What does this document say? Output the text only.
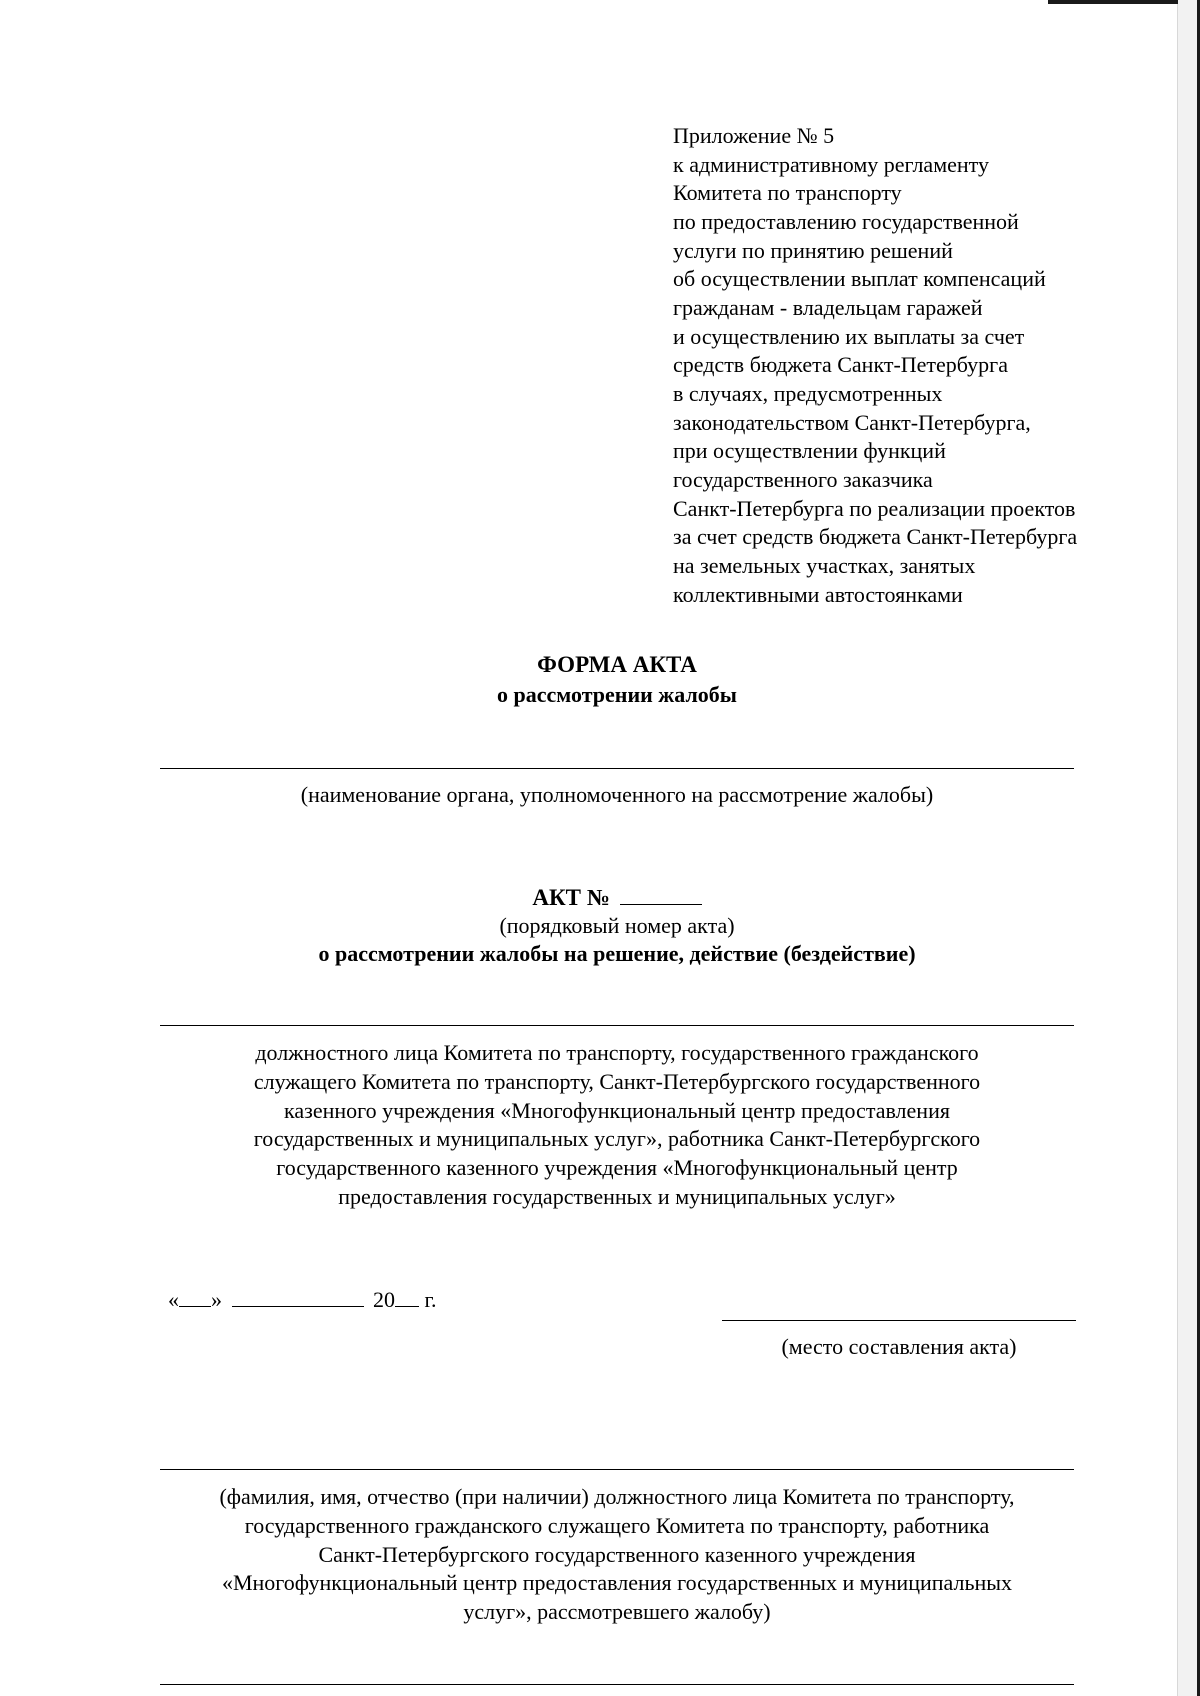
Приложение № 5
к административному регламенту
Комитета по транспорту
по предоставлению государственной
услуги по принятию решений
об осуществлении выплат компенсаций
гражданам - владельцам гаражей
и осуществлению их выплаты за счет
средств бюджета Санкт-Петербурга
в случаях, предусмотренных
законодательством Санкт-Петербурга,
при осуществлении функций
государственного заказчика
Санкт-Петербурга по реализации проектов
за счет средств бюджета Санкт-Петербурга
на земельных участках, занятых
коллективными автостоянками
ФОРМА АКТА
о рассмотрении жалобы
(наименование органа, уполномоченного на рассмотрение жалобы)
АКТ №
(порядковый номер акта)
о рассмотрении жалобы на решение, действие (бездействие)
должностного лица Комитета по транспорту, государственного гражданского
служащего Комитета по транспорту, Санкт-Петербургского государственного
казенного учреждения «Многофункциональный центр предоставления
государственных и муниципальных услуг», работника Санкт-Петербургского
государственного казенного учреждения «Многофункциональный центр
предоставления государственных и муниципальных услуг»
« »	20 г.
(место составления акта)
(фамилия, имя, отчество (при наличии) должностного лица Комитета по транспорту,
государственного гражданского служащего Комитета по транспорту, работника
Санкт-Петербургского государственного казенного учреждения
«Многофункциональный центр предоставления государственных и муниципальных
услуг», рассмотревшего жалобу)
